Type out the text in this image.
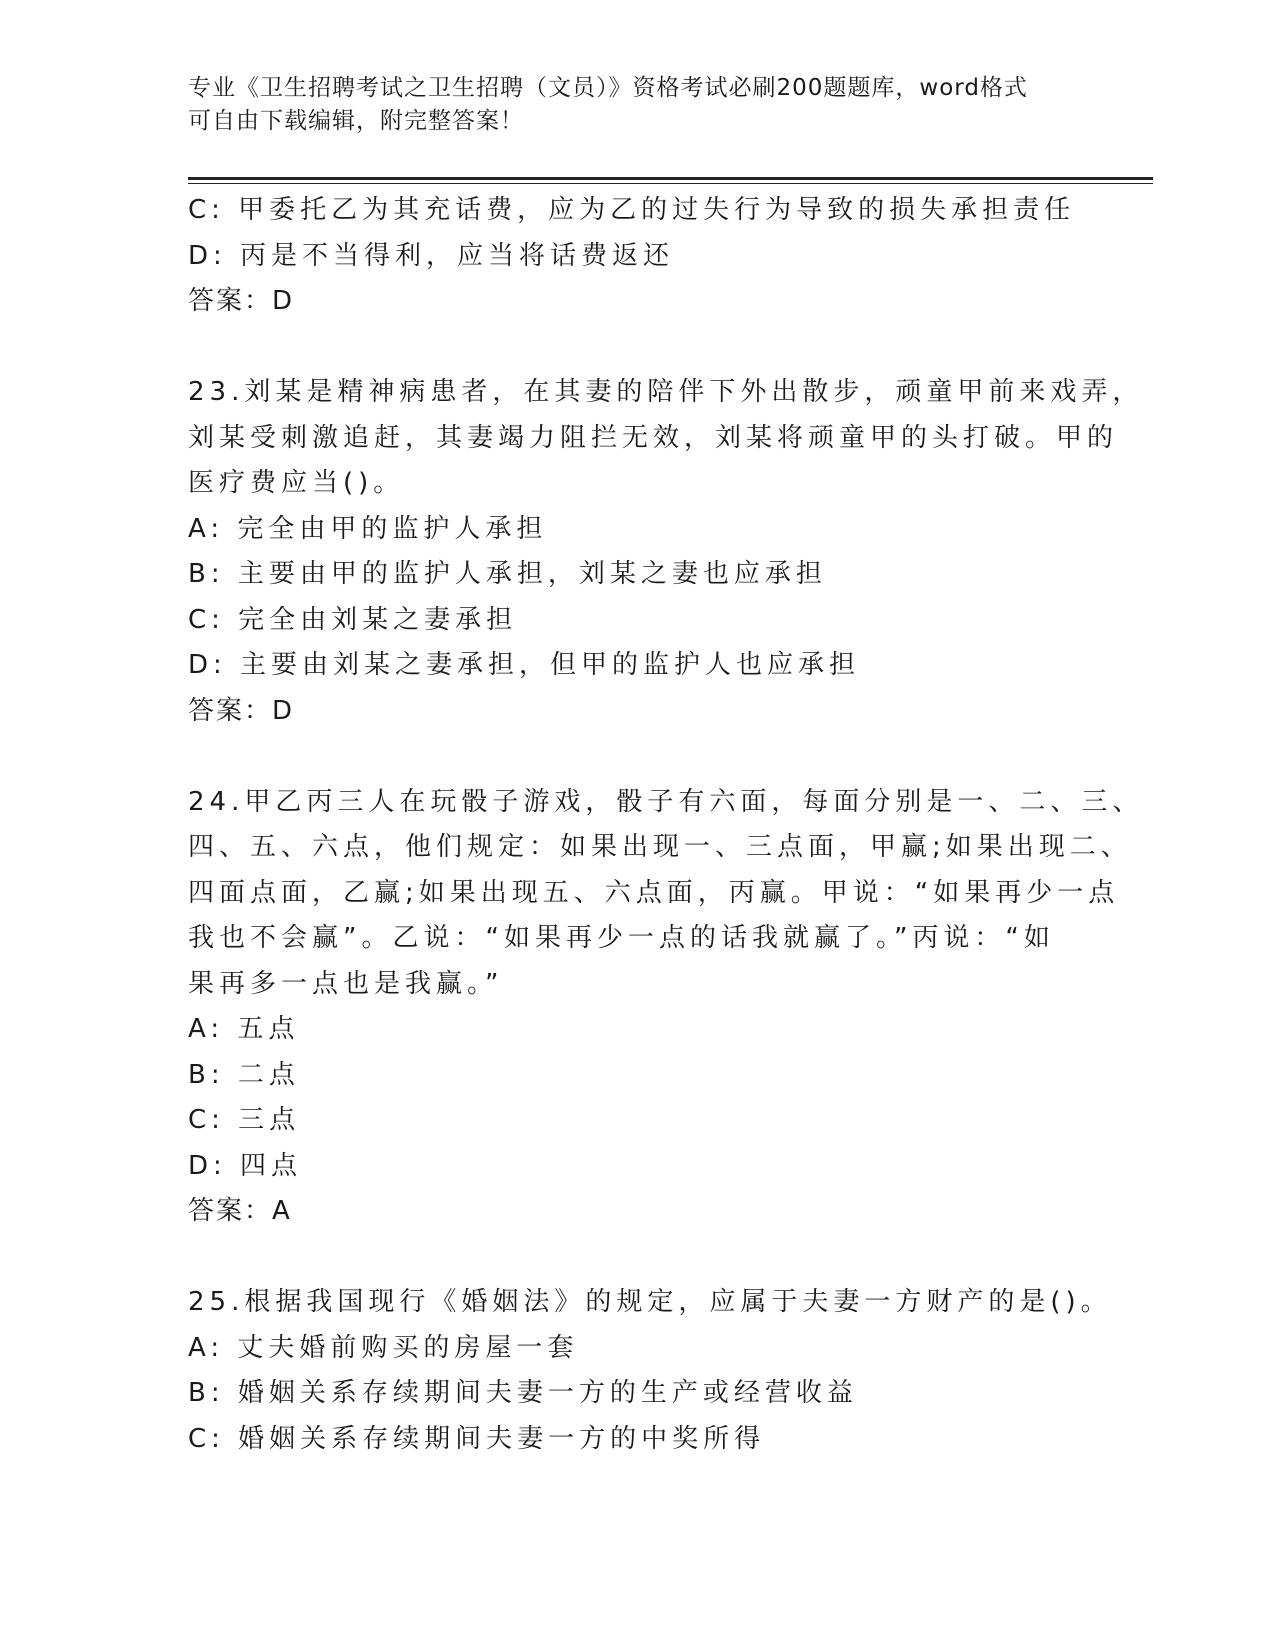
专业《卫生招聘考试之卫生招聘（文员）》资格考试必刷200题题库，word格式
可自由下载编辑，附完整答案！
C: 甲委托乙为其充话费，应为乙的过失行为导致的损失承担责任
D: 丙是不当得利，应当将话费返还
答案：D
23.刘某是精神病患者，在其妻的陪伴下外出散步，顽童甲前来戏弄，
刘某受刺激追赶，其妻竭力阻拦无效，刘某将顽童甲的头打破。甲的
医疗费应当()。
A: 完全由甲的监护人承担
B: 主要由甲的监护人承担，刘某之妻也应承担
C: 完全由刘某之妻承担
D: 主要由刘某之妻承担，但甲的监护人也应承担
答案：D
24.甲乙丙三人在玩骰子游戏，骰子有六面，每面分别是一、二、三、
四、五、六点，他们规定：如果出现一、三点面，甲赢;如果出现二、
四面点面，乙赢;如果出现五、六点面，丙赢。甲说：“如果再少一点
我也不会赢”。乙说：“如果再少一点的话我就赢了。”丙说：“如
果再多一点也是我赢。”
A: 五点
B: 二点
C: 三点
D: 四点
答案：A
25.根据我国现行《婚姻法》的规定，应属于夫妻一方财产的是()。
A: 丈夫婚前购买的房屋一套
B: 婚姻关系存续期间夫妻一方的生产或经营收益
C: 婚姻关系存续期间夫妻一方的中奖所得
